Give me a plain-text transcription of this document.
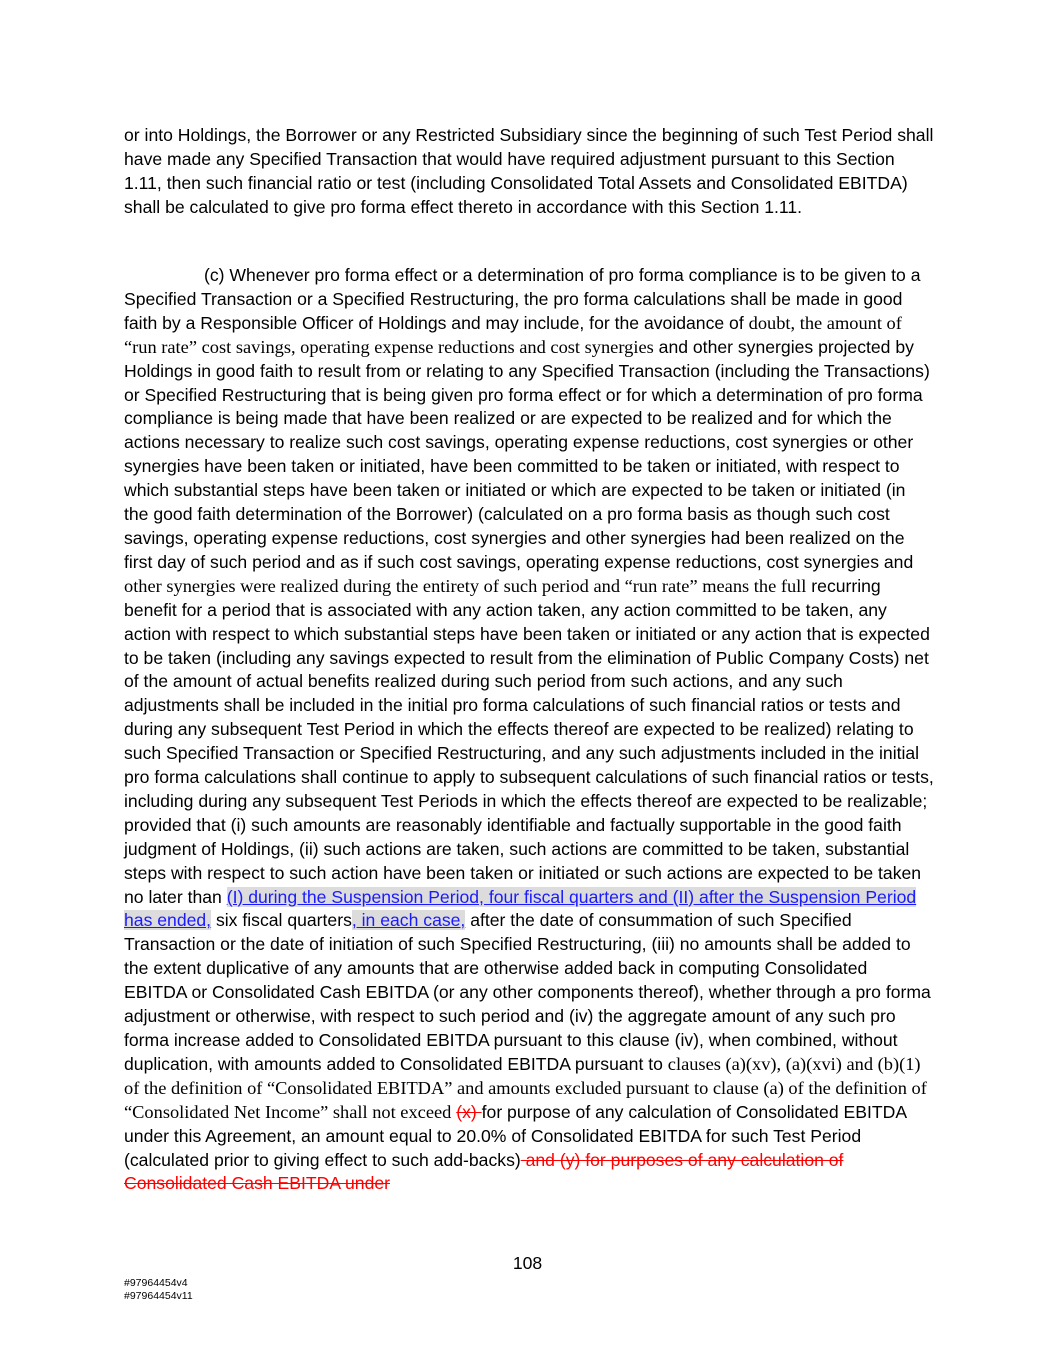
or into Holdings, the Borrower or any Restricted Subsidiary since the beginning of such Test Period shall have made any Specified Transaction that would have required adjustment pursuant to this Section 1.11, then such financial ratio or test (including Consolidated Total Assets and Consolidated EBITDA) shall be calculated to give pro forma effect thereto in accordance with this Section 1.11.
(c) Whenever pro forma effect or a determination of pro forma compliance is to be given to a Specified Transaction or a Specified Restructuring, the pro forma calculations shall be made in good faith by a Responsible Officer of Holdings and may include, for the avoidance of doubt, the amount of “run rate” cost savings, operating expense reductions and cost synergies and other synergies projected by Holdings in good faith to result from or relating to any Specified Transaction (including the Transactions) or Specified Restructuring that is being given pro forma effect or for which a determination of pro forma compliance is being made that have been realized or are expected to be realized and for which the actions necessary to realize such cost savings, operating expense reductions, cost synergies or other synergies have been taken or initiated, have been committed to be taken or initiated, with respect to which substantial steps have been taken or initiated or which are expected to be taken or initiated (in the good faith determination of the Borrower) (calculated on a pro forma basis as though such cost savings, operating expense reductions, cost synergies and other synergies had been realized on the first day of such period and as if such cost savings, operating expense reductions, cost synergies and other synergies were realized during the entirety of such period and “run rate” means the full recurring benefit for a period that is associated with any action taken, any action committed to be taken, any action with respect to which substantial steps have been taken or initiated or any action that is expected to be taken (including any savings expected to result from the elimination of Public Company Costs) net of the amount of actual benefits realized during such period from such actions, and any such adjustments shall be included in the initial pro forma calculations of such financial ratios or tests and during any subsequent Test Period in which the effects thereof are expected to be realized) relating to such Specified Transaction or Specified Restructuring, and any such adjustments included in the initial pro forma calculations shall continue to apply to subsequent calculations of such financial ratios or tests, including during any subsequent Test Periods in which the effects thereof are expected to be realizable; provided that (i) such amounts are reasonably identifiable and factually supportable in the good faith judgment of Holdings, (ii) such actions are taken, such actions are committed to be taken, substantial steps with respect to such action have been taken or initiated or such actions are expected to be taken no later than (I) during the Suspension Period, four fiscal quarters and (II) after the Suspension Period has ended, six fiscal quarters, in each case, after the date of consummation of such Specified Transaction or the date of initiation of such Specified Restructuring, (iii) no amounts shall be added to the extent duplicative of any amounts that are otherwise added back in computing Consolidated EBITDA or Consolidated Cash EBITDA (or any other components thereof), whether through a pro forma adjustment or otherwise, with respect to such period and (iv) the aggregate amount of any such pro forma increase added to Consolidated EBITDA pursuant to this clause (iv), when combined, without duplication, with amounts added to Consolidated EBITDA pursuant to clauses (a)(xv), (a)(xvi) and (b)(1) of the definition of “Consolidated EBITDA” and amounts excluded pursuant to clause (a) of the definition of “Consolidated Net Income” shall not exceed (x) for purpose of any calculation of Consolidated EBITDA under this Agreement, an amount equal to 20.0% of Consolidated EBITDA for such Test Period (calculated prior to giving effect to such add-backs) and (y) for purposes of any calculation of Consolidated Cash EBITDA under
108
#97964454v4
#97964454v11
